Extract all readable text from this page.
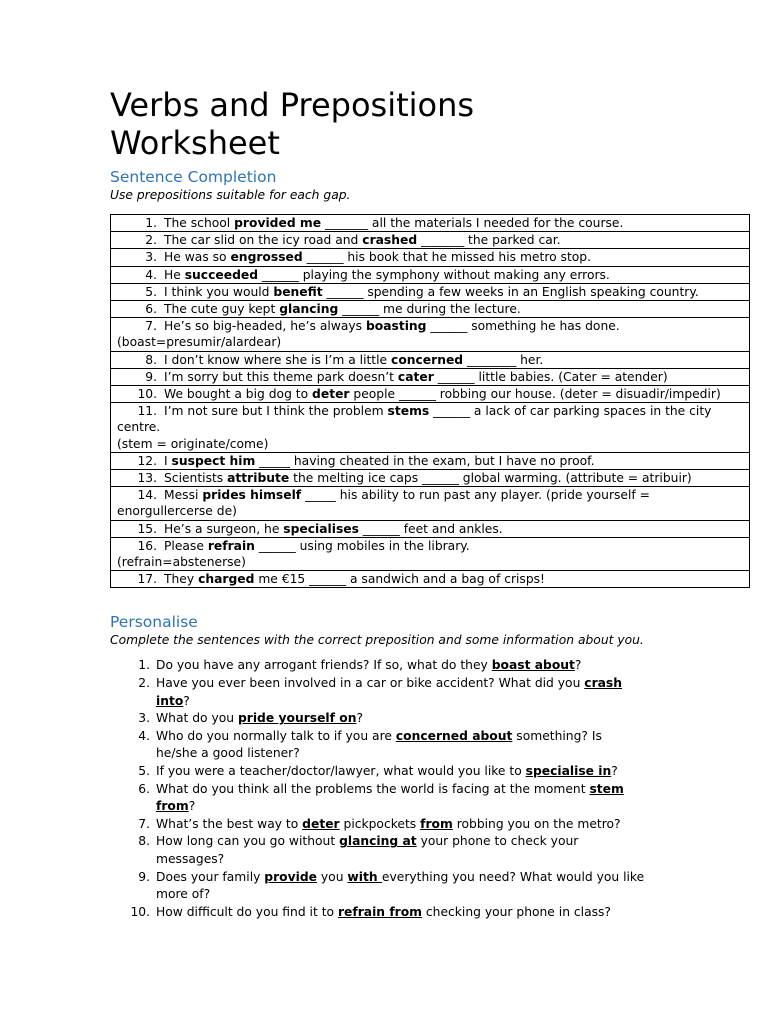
Verbs and Prepositions
Worksheet
Sentence Completion

Use prepositions suitable for each gap.

1. The school provided me _______ all the materials I needed for the course.
2. The car slid on the icy road and crashed _______ the parked car.
3. He was so engrossed ______ his book that he missed his metro stop.
4. He succeeded ______ playing the symphony without making any errors.
5. I think you would benefit ______ spending a few weeks in an English speaking country.
6. The cute guy kept glancing ______ me during the lecture.
7. He’s so big-headed, he’s always boasting ______ something he has done. (boast=presumir/alardear)
8. I don’t know where she is I’m a little concerned ________ her.
9. I’m sorry but this theme park doesn’t cater ______ little babies. (Cater = atender)
10. We bought a big dog to deter people ______ robbing our house. (deter = disuadir/impedir)
11. I’m not sure but I think the problem stems ______ a lack of car parking spaces in the city centre.
(stem = originate/come)
12. I suspect him _____ having cheated in the exam, but I have no proof.
13. Scientists attribute the melting ice caps ______ global warming. (attribute = atribuir)
14. Messi prides himself _____ his ability to run past any player. (pride yourself = enorgullercerse de)
15. He’s a surgeon, he specialises ______ feet and ankles.
16. Please refrain ______ using mobiles in the library.
(refrain=abstenerse)
17. They charged me €15 ______ a sandwich and a bag of crisps!
Personalise

Complete the sentences with the correct preposition and some information about you.

1. Do you have any arrogant friends? If so, what do they boast about?
2. Have you ever been involved in a car or bike accident? What did you crash into?
3. What do you pride yourself on?
4. Who do you normally talk to if you are concerned about something? Is he/she a good listener?
5. If you were a teacher/doctor/lawyer, what would you like to specialise in?
6. What do you think all the problems the world is facing at the moment stem from?
7. What’s the best way to deter pickpockets from robbing you on the metro?
8. How long can you go without glancing at your phone to check your messages?
9. Does your family provide you with everything you need? What would you like more of?
10. How difficult do you find it to refrain from checking your phone in class?
